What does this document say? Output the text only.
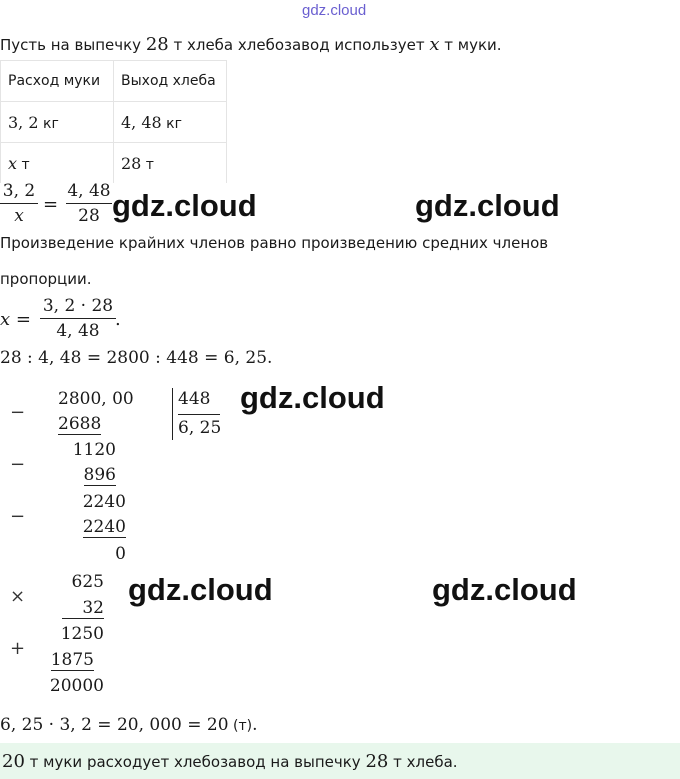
gdz.cloud
Пусть на выпечку 28 т хлеба хлебозавод использует x т муки.
Расход муки	Выход хлеба
3, 2 кг	4, 48 кг
x т	28 т
3, 2
x
=
4, 48
28 gdz.cloud	gdz.cloud
Произведение крайних членов равно произведению средних членов
пропорции.
x =
3, 2 · 28
4, 48
.
28 : 4, 48 = 2800 : 448 = 6, 25.
−
−
−
2800, 00
2688
1120
896
2240
2240
0
448
6, 25
gdz.cloud
×
+
625
32
1250
1875
20000
gdz.cloud	gdz.cloud
6, 25 · 3, 2 = 20, 000 = 20 (т).
20 т муки расходует хлебозавод на выпечку 28 т хлеба.
